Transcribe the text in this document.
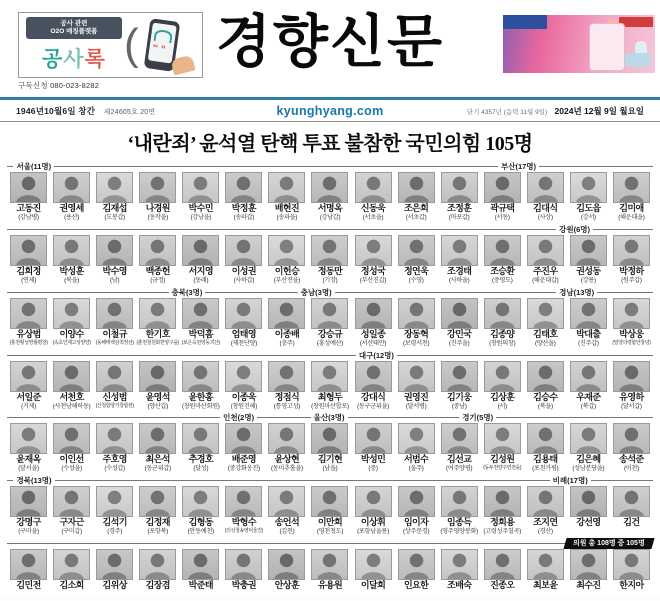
공사 관련
O2O 매칭플랫폼
공사록 ( ᄃᄋ 경향신문
구독신청 080-023-8282
1946년10월6일 창간 제24605호 20면	kyunghyang.com	단기 4357년 (음력 11월 9일) 2024년 12월 9일 월요일
‘내란죄’ 윤석열 탄핵 투표 불참한 국민의힘 105명
서울(11명)	부산(17명)
고동진
(강남병)
권영세
(용산)
김재섭
(도봉갑)
나경원
(동작을)
박수민
(강남을)
박정훈
(송파갑)
배현진
(송파을)
서명옥
(강남갑)
신동욱
(서초을)
조은희
(서초갑)
조정훈
(마포갑)
곽규택
(서동)
김대식
(사상)
김도읍
(강서)
김미애
(해운대을)
강원(6명)
김희정
(연제)
박성훈
(북을)
박수영
(남)
백종헌
(금정)
서지영
(동래)
이성권
(사하갑)
이헌승
(부산진을)
정동만
(기장)
정성국
(부산진갑)
정연욱
(수영)
조경태
(사하을)
조승환
(중영도)
주진우
(해운대갑)
권성동
(강릉)
박정하
(원주갑)
충북(3명)	충남(3명)	경남(13명)
유상범
(홍천횡성영월평창)
이양수
(속초인제고성양양)
이철규
(동해태백삼척정선)
한기호
(춘천철원화천양구을)
박덕흠
(보은옥천영동괴산)
엄태영
(제천단양)
이종배
(충주)
강승규
(홍성예산)
성일종
(서산태안)
장동혁
(보령서천)
강민국
(진주을)
김종양
(창원의창)
김태호
(양산을)
박대출
(진주갑)
박상웅
(밀양의령함안창녕)
대구(12명)
서일준
(거제)
서천호
(사천남해하동)
신성범
(산청함양거창합천)
윤영석
(양산갑)
윤한홍
(창원마산회원)
이종욱
(창원진해)
정점식
(통영고성)
최형두
(창원마산합포)
강대식
(동구군위을)
권영진
(달서병)
김기웅
(중남)
김상훈
(서)
김승수
(북을)
우재준
(북갑)
유영하
(달서갑)
인천(2명)	울산(3명)	경기(5명)
윤재옥
(달서을)
이인선
(수성을)
주호영
(수성갑)
최은석
(동군위갑)
추경호
(달성)
배준영
(중강화옹진)
윤상현
(동미추홀을)
김기현
(남을)
박성민
(중)
서범수
(울주)
김선교
(여주양평)
김성원
(동두천양주연천을)
김용태
(포천가평)
김은혜
(성남분당을)
송석준
(이천)
경북(13명)	비례(17명)
강명구
(구미을)
구자근
(구미갑)
김석기
(경주)
김정재
(포항북)
김형동
(안동예천)
박형수
(의성청송영덕울진)
송언석
(김천)
이만희
(영천청도)
이상휘
(포항남울릉)
임이자
(상주문경)
임종득
(영주영양봉화)
정희용
(고령성주칠곡)
조지연
(경산)
강선영
	김건

의원 총 108명 중 105명
김민전
	김소희
	김위상
	김장겸
	박준태
	박충권
	안상훈
	유용원
	이달희
	인요한
	조배숙
	진종오
	최보윤
	최수진
	한지아
